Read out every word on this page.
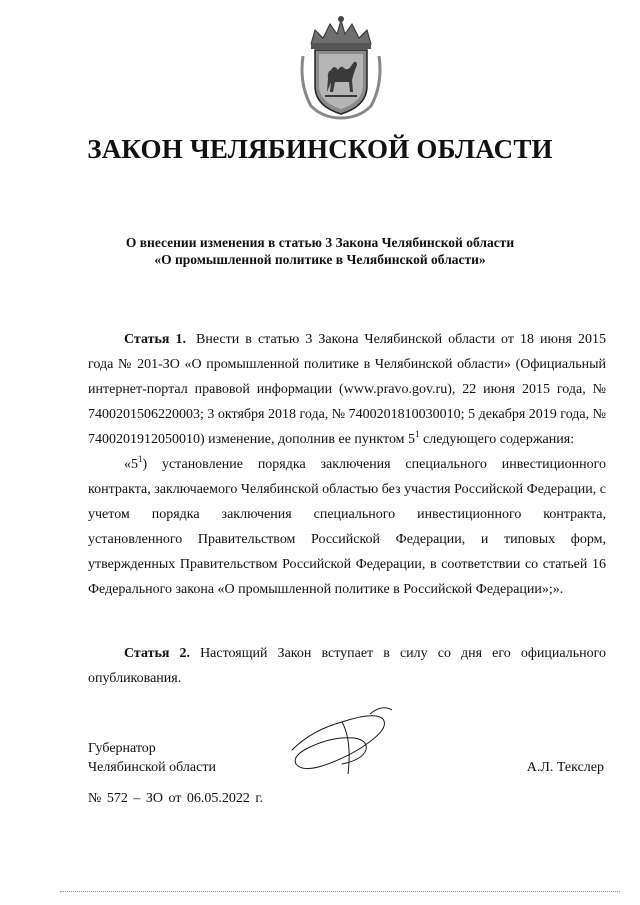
ЗАКОН ЧЕЛЯБИНСКОЙ ОБЛАСТИ
О внесении изменения в статью 3 Закона Челябинской области
«О промышленной политике в Челябинской области»

Статья 1. Внести в статью 3 Закона Челябинской области от 18 июня 2015 года № 201-ЗО «О промышленной политике в Челябинской области» (Официальный интернет-портал правовой информации (www.pravo.gov.ru), 22 июня 2015 года, № 7400201506220003; 3 октября 2018 года, № 7400201810030010; 5 декабря 2019 года, № 7400201912050010) изменение, дополнив ее пунктом $5^1$ следующего содержания:

«$5^1$) установление порядка заключения специального инвестиционного контракта, заключаемого Челябинской областью без участия Российской Федерации, с учетом порядка заключения специального инвестиционного контракта, установленного Правительством Российской Федерации, и типовых форм, утвержденных Правительством Российской Федерации, в соответствии со статьей 16 Федерального закона «О промышленной политике в Российской Федерации»;».

Статья 2. Настоящий Закон вступает в силу со дня его официального опубликования.

Губернатор
Челябинской области	А.Л. Текслер
№ 572 – ЗО от 06.05.2022 г.
